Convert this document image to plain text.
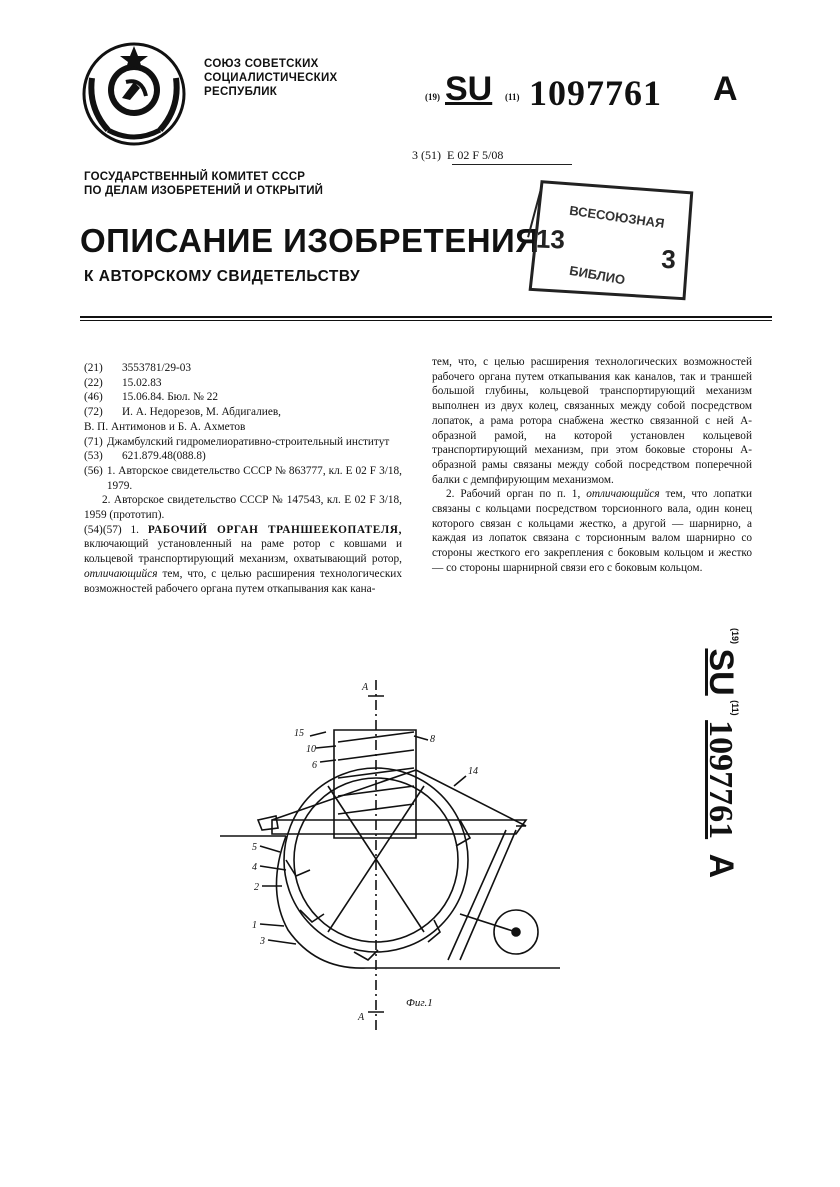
СОЮЗ СОВЕТСКИХ
СОЦИАЛИСТИЧЕСКИХ
РЕСПУБЛИК	(19) SU (11) 1097761 A
3 (51) E 02 F 5/08
ГОСУДАРСТВЕННЫЙ КОМИТЕТ СССР
ПО ДЕЛАМ ИЗОБРЕТЕНИЙ И ОТКРЫТИЙ
ОПИСАНИЕ ИЗОБРЕТЕНИЯ
К АВТОРСКОМУ СВИДЕТЕЛЬСТВУ
ВСЕСОЮЗНАЯ
БИБЛИО
13
3
(21)	3553781/29-03
(22)	15.02.83
(46)	15.06.84. Бюл. № 22
(72)	И. А. Недорезов, М. Абдигалиев,
В. П. Антимонов и Б. А. Ахметов
(71) Джамбулский гидромелиоративно-строительный институт
(53)	621.879.48(088.8)
(56) 1. Авторское свидетельство СССР № 863777, кл. E 02 F 3/18, 1979.
2. Авторское свидетельство СССР № 147543, кл. E 02 F 3/18, 1959 (прототип).

(54)(57) 1. РАБОЧИЙ ОРГАН ТРАНШЕЕКОПАТЕЛЯ, включающий установленный на раме ротор с ковшами и кольцевой транспортирующий механизм, охватывающий ротор, отличающийся тем, что, с целью расширения технологических возможностей рабочего органа путем откапывания как кана-

тем, что, с целью расширения технологических возможностей рабочего органа путем откапывания как каналов, так и траншей большой глубины, кольцевой транспортирующий механизм выполнен из двух колец, связанных между собой посредством лопаток, а рама ротора снабжена жестко связанной с ней А-образной рамой, на которой установлен кольцевой транспортирующий механизм, при этом боковые стороны А-образной рамы связаны между собой посредством поперечной балки с демпфирующим механизмом.

2. Рабочий орган по п. 1, отличающийся тем, что лопатки связаны с кольцами посредством торсионного вала, один конец которого связан с кольцами жестко, а другой — шарнирно, а каждая из лопаток связана с торсионным валом шарнирно со стороны жесткого его закрепления с боковым кольцом и жестко — со стороны шарнирной связи его с боковым кольцом.

$^{(19)}$ SU $^{(11)}$ 1097761 A
А
А
15
10
6
8
14
5
4
2
1
3
Фиг.1
